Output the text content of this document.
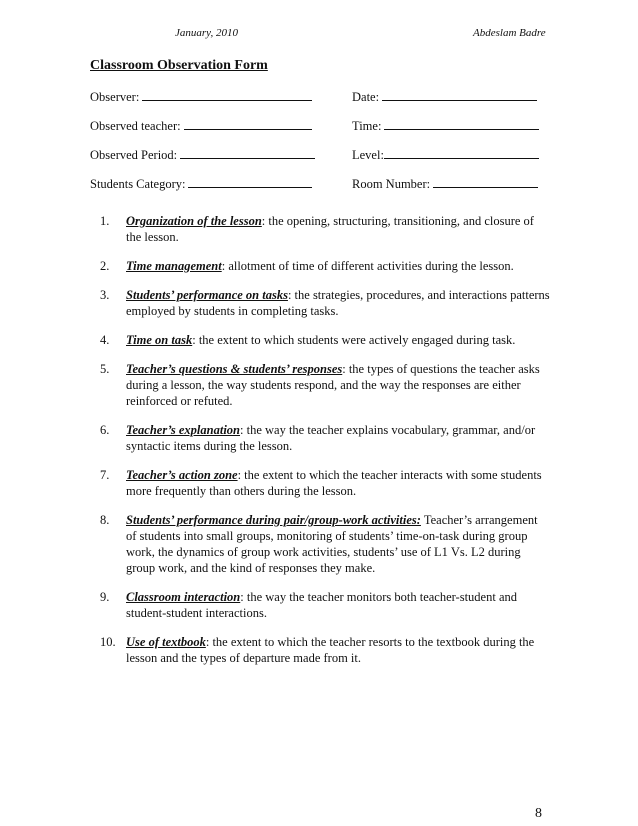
January, 2010	Abdeslam Badre
Classroom Observation Form
Observer:	Date:
Observed teacher:	Time:
Observed Period:	Level:
Students Category:	Room Number:
1.	Organization of the lesson: the opening, structuring, transitioning, and closure of the lesson.
2.	Time management: allotment of time of different activities during the lesson.
3.	Students’ performance on tasks: the strategies, procedures, and interactions patterns employed by students in completing tasks.
4.	Time on task: the extent to which students were actively engaged during task.
5.	Teacher’s questions & students’ responses: the types of questions the teacher asks during a lesson, the way students respond, and the way the responses are either reinforced or refuted.
6.	Teacher’s explanation: the way the teacher explains vocabulary, grammar, and/or syntactic items during the lesson.
7.	Teacher’s action zone: the extent to which the teacher interacts with some students more frequently than others during the lesson.
8.	Students’ performance during pair/group-work activities: Teacher’s arrangement of students into small groups, monitoring of students’ time-on-task during group work, the dynamics of group work activities, students’ use of L1 Vs. L2 during group work, and the kind of responses they make.
9.	Classroom interaction: the way the teacher monitors both teacher-student and student-student interactions.
10. Use of textbook: the extent to which the teacher resorts to the textbook during the lesson and the types of departure made from it.
8
